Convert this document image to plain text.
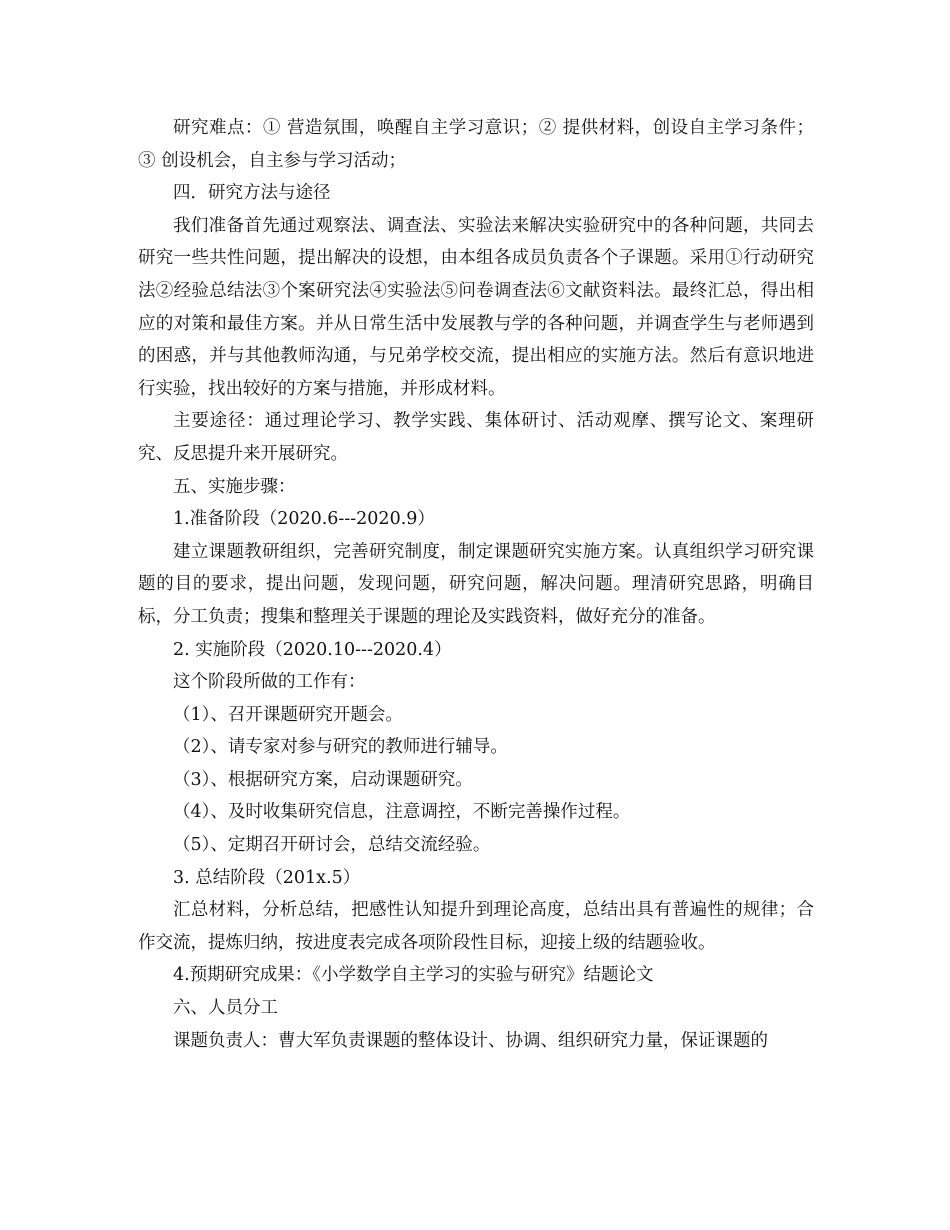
研究难点：① 营造氛围，唤醒自主学习意识；② 提供材料，创设自主学习条件；③ 创设机会，自主参与学习活动；

四．研究方法与途径

我们准备首先通过观察法、调查法、实验法来解决实验研究中的各种问题，共同去研究一些共性问题，提出解决的设想，由本组各成员负责各个子课题。采用①行动研究法②经验总结法③个案研究法④实验法⑤问卷调查法⑥文献资料法。最终汇总，得出相应的对策和最佳方案。并从日常生活中发展教与学的各种问题，并调查学生与老师遇到的困惑，并与其他教师沟通，与兄弟学校交流，提出相应的实施方法。然后有意识地进行实验，找出较好的方案与措施，并形成材料。

主要途径：通过理论学习、教学实践、集体研讨、活动观摩、撰写论文、案理研究、反思提升来开展研究。

五、实施步骤：

1.准备阶段（2020.6---2020.9）

建立课题教研组织，完善研究制度，制定课题研究实施方案。认真组织学习研究课题的目的要求，提出问题，发现问题，研究问题，解决问题。理清研究思路，明确目标，分工负责；搜集和整理关于课题的理论及实践资料，做好充分的准备。

2. 实施阶段（2020.10---2020.4）

这个阶段所做的工作有：

（1）、召开课题研究开题会。

（2）、请专家对参与研究的教师进行辅导。

（3）、根据研究方案，启动课题研究。

（4）、及时收集研究信息，注意调控，不断完善操作过程。

（5）、定期召开研讨会，总结交流经验。

3. 总结阶段（201x.5）

汇总材料，分析总结，把感性认知提升到理论高度，总结出具有普遍性的规律；合作交流，提炼归纳，按进度表完成各项阶段性目标，迎接上级的结题验收。

4.预期研究成果：《小学数学自主学习的实验与研究》结题论文

六、人员分工

课题负责人：曹大军负责课题的整体设计、协调、组织研究力量，保证课题的
